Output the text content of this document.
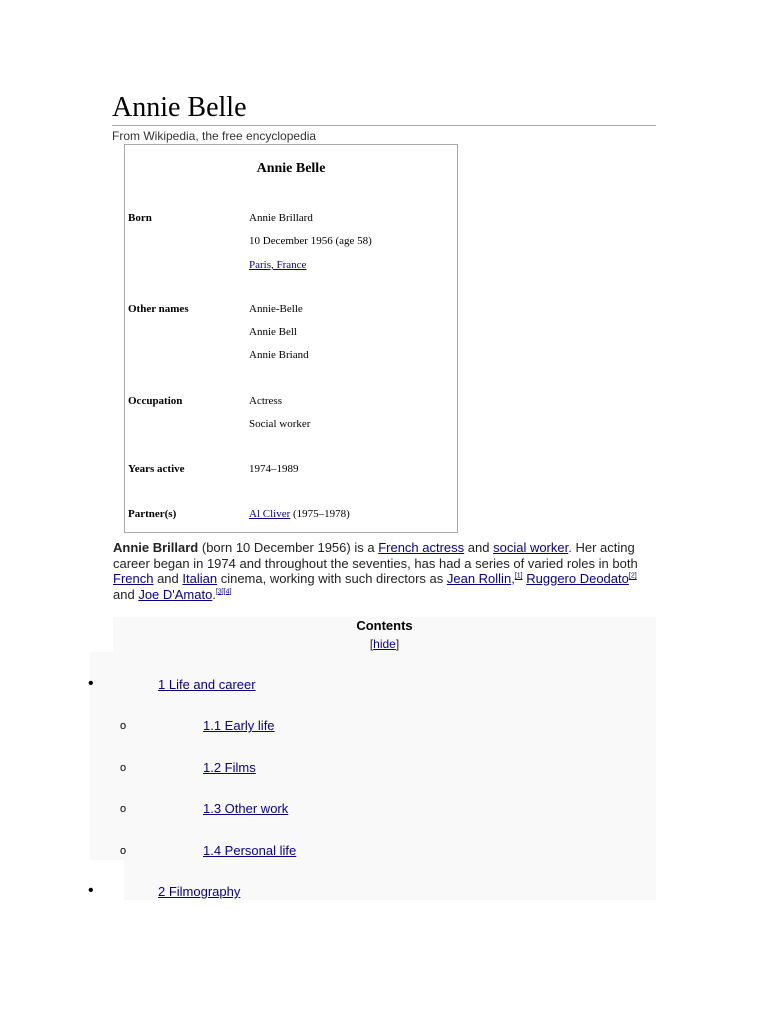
Annie Belle
From Wikipedia, the free encyclopedia
Annie Belle
Born	Annie Brillard
10 December 1956 (age 58)
Paris, France
Other names	Annie-Belle
Annie Bell
Annie Briand
Occupation	Actress
Social worker
Years active	1974–1989
Partner(s)	Al Cliver (1975–1978)
Annie Brillard (born 10 December 1956) is a French actress and social worker. Her acting career began in 1974 and throughout the seventies, has had a series of varied roles in both French and Italian cinema, working with such directors as Jean Rollin,[1] Ruggero Deodato[2] and Joe D'Amato.[3][4]
Contents
[hide]
•	1 Life and career
o	1.1 Early life
o	1.2 Films
o	1.3 Other work
o	1.4 Personal life
•	2 Filmography
